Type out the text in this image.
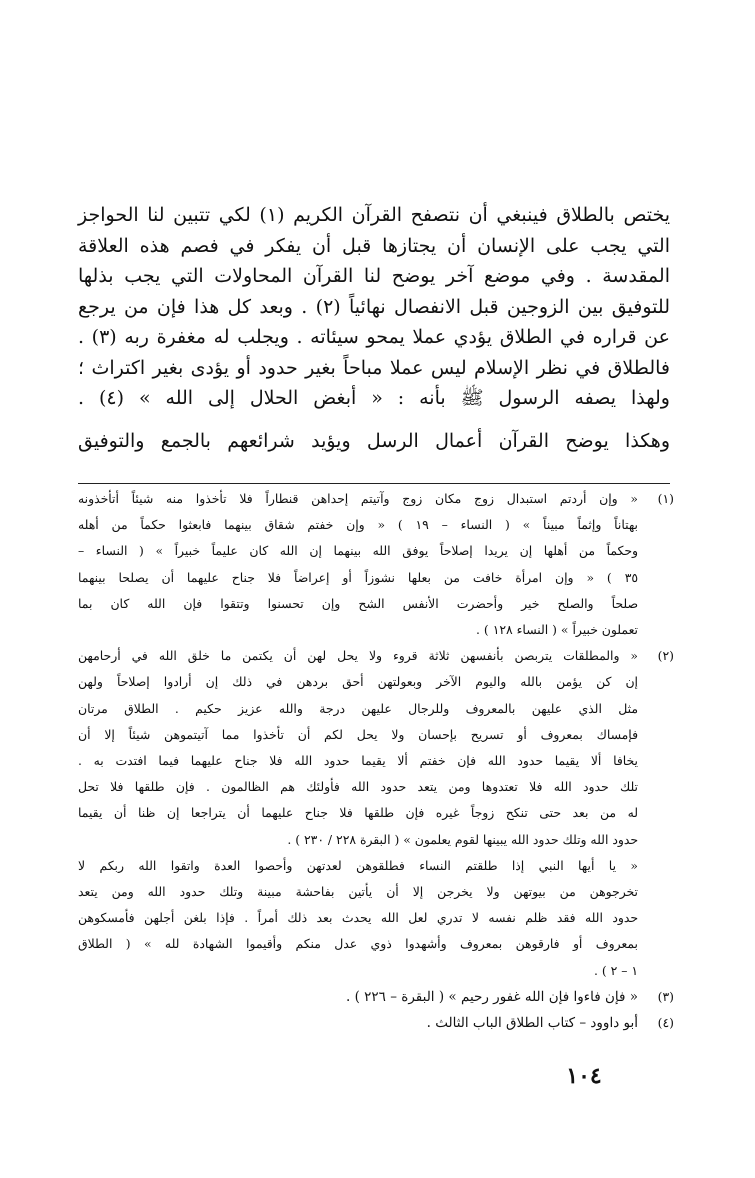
يختص بالطلاق فينبغي أن نتصفح القرآن الكريم (١) لكي تتبين لنا الحواجز التي يجب على الإنسان أن يجتازها قبل أن يفكر في فصم هذه العلاقة المقدسة . وفي موضع آخر يوضح لنا القرآن المحاولات التي يجب بذلها للتوفيق بين الزوجين قبل الانفصال نهائياً (٢) . وبعد كل هذا فإن من يرجع عن قراره في الطلاق يؤدي عملا يمحو سيئاته . ويجلب له مغفرة ربه (٣) . فالطلاق في نظر الإسلام ليس عملا مباحاً بغير حدود أو يؤدى بغير اكتراث ؛ ولهذا يصفه الرسول ﷺ بأنه : « أبغض الحلال إلى الله » (٤) .

وهكذا يوضح القرآن أعمال الرسل ويؤيد شرائعهم بالجمع والتوفيق

(١)
« وإن أردتم استبدال زوج مكان زوج وآتيتم إحداهن قنطاراً فلا تأخذوا منه شيئاً أتأخذونه
بهتاناً وإثماً مبيناً » ( النساء – ١٩ ) « وإن خفتم شقاق بينهما فابعثوا حكماً من أهله
وحكماً من أهلها إن يريدا إصلاحاً يوفق الله بينهما إن الله كان عليماً خبيراً » ( النساء –
٣٥ ) « وإن امرأة خافت من بعلها نشوزاً أو إعراضاً فلا جناح عليهما أن يصلحا بينهما
صلحاً والصلح خير وأحضرت الأنفس الشح وإن تحسنوا وتتقوا فإن الله كان بما
تعملون خبيراً » ( النساء ١٢٨ ) .
(٢)
« والمطلقات يتربصن بأنفسهن ثلاثة قروء ولا يحل لهن أن يكتمن ما خلق الله في أرحامهن
إن كن يؤمن بالله واليوم الآخر وبعولتهن أحق بردهن في ذلك إن أرادوا إصلاحاً ولهن
مثل الذي عليهن بالمعروف وللرجال عليهن درجة والله عزيز حكيم . الطلاق مرتان
فإمساك بمعروف أو تسريح بإحسان ولا يحل لكم أن تأخذوا مما آتيتموهن شيئاً إلا أن
يخافا ألا يقيما حدود الله فإن خفتم ألا يقيما حدود الله فلا جناح عليهما فيما افتدت به .
تلك حدود الله فلا تعتدوها ومن يتعد حدود الله فأولئك هم الظالمون . فإن طلقها فلا تحل
له من بعد حتى تنكح زوجاً غيره فإن طلقها فلا جناح عليهما أن يتراجعا إن ظنا أن يقيما
حدود الله وتلك حدود الله يبينها لقوم يعلمون » ( البقرة ٢٢٨ / ٢٣٠ ) .
« يا أيها النبي إذا طلقتم النساء فطلقوهن لعدتهن وأحصوا العدة واتقوا الله ربكم لا
تخرجوهن من بيوتهن ولا يخرجن إلا أن يأتين بفاحشة مبينة وتلك حدود الله ومن يتعد
حدود الله فقد ظلم نفسه لا تدري لعل الله يحدث بعد ذلك أمراً . فإذا بلغن أجلهن فأمسكوهن
بمعروف أو فارقوهن بمعروف وأشهدوا ذوي عدل منكم وأقيموا الشهادة لله » ( الطلاق
١ – ٢ ) .
(٣)
« فإن فاءوا فإن الله غفور رحيم » ( البقرة – ٢٢٦ ) .
(٤)
أبو داوود – كتاب الطلاق الباب الثالث .
١٠٤
